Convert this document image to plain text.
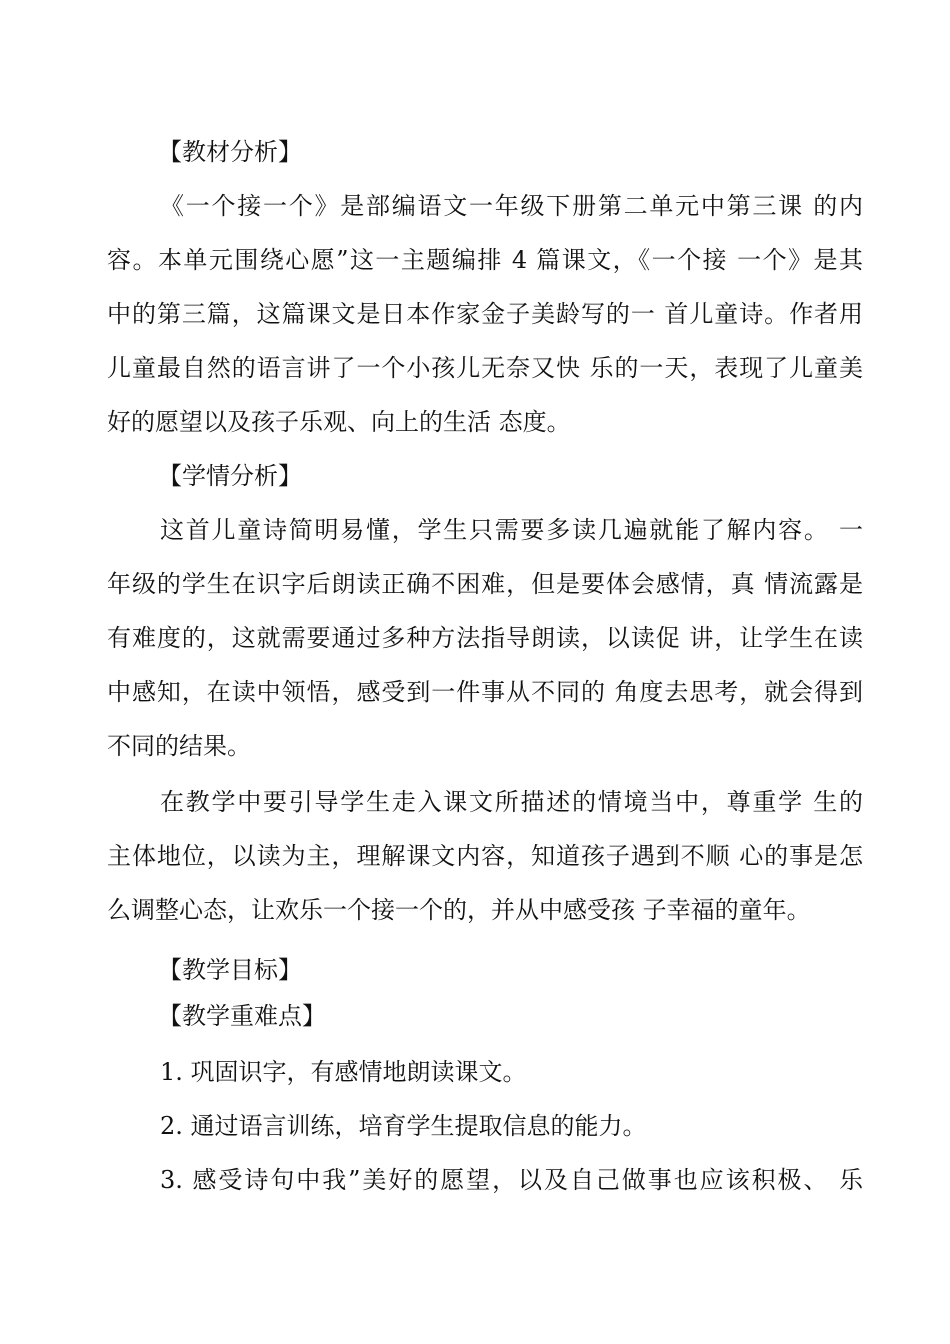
【教材分析】
《一个接一个》是部编语文一年级下册第二单元中第三课 的内
容。本单元围绕心愿”这一主题编排 4 篇课文，《一个接 一个》是其
中的第三篇，这篇课文是日本作家金子美龄写的一 首儿童诗。作者用
儿童最自然的语言讲了一个小孩儿无奈又快 乐的一天，表现了儿童美
好的愿望以及孩子乐观、向上的生活 态度。
【学情分析】
这首儿童诗简明易懂，学生只需要多读几遍就能了解内容。 一
年级的学生在识字后朗读正确不困难，但是要体会感情，真 情流露是
有难度的，这就需要通过多种方法指导朗读，以读促 讲，让学生在读
中感知，在读中领悟，感受到一件事从不同的 角度去思考，就会得到
不同的结果。
在教学中要引导学生走入课文所描述的情境当中，尊重学 生的
主体地位，以读为主，理解课文内容，知道孩子遇到不顺 心的事是怎
么调整心态，让欢乐一个接一个的，并从中感受孩 子幸福的童年。
【教学目标】
【教学重难点】
1. 巩固识字，有感情地朗读课文。
2. 通过语言训练，培育学生提取信息的能力。
3. 感受诗句中我”美好的愿望，以及自己做事也应该积极、 乐
